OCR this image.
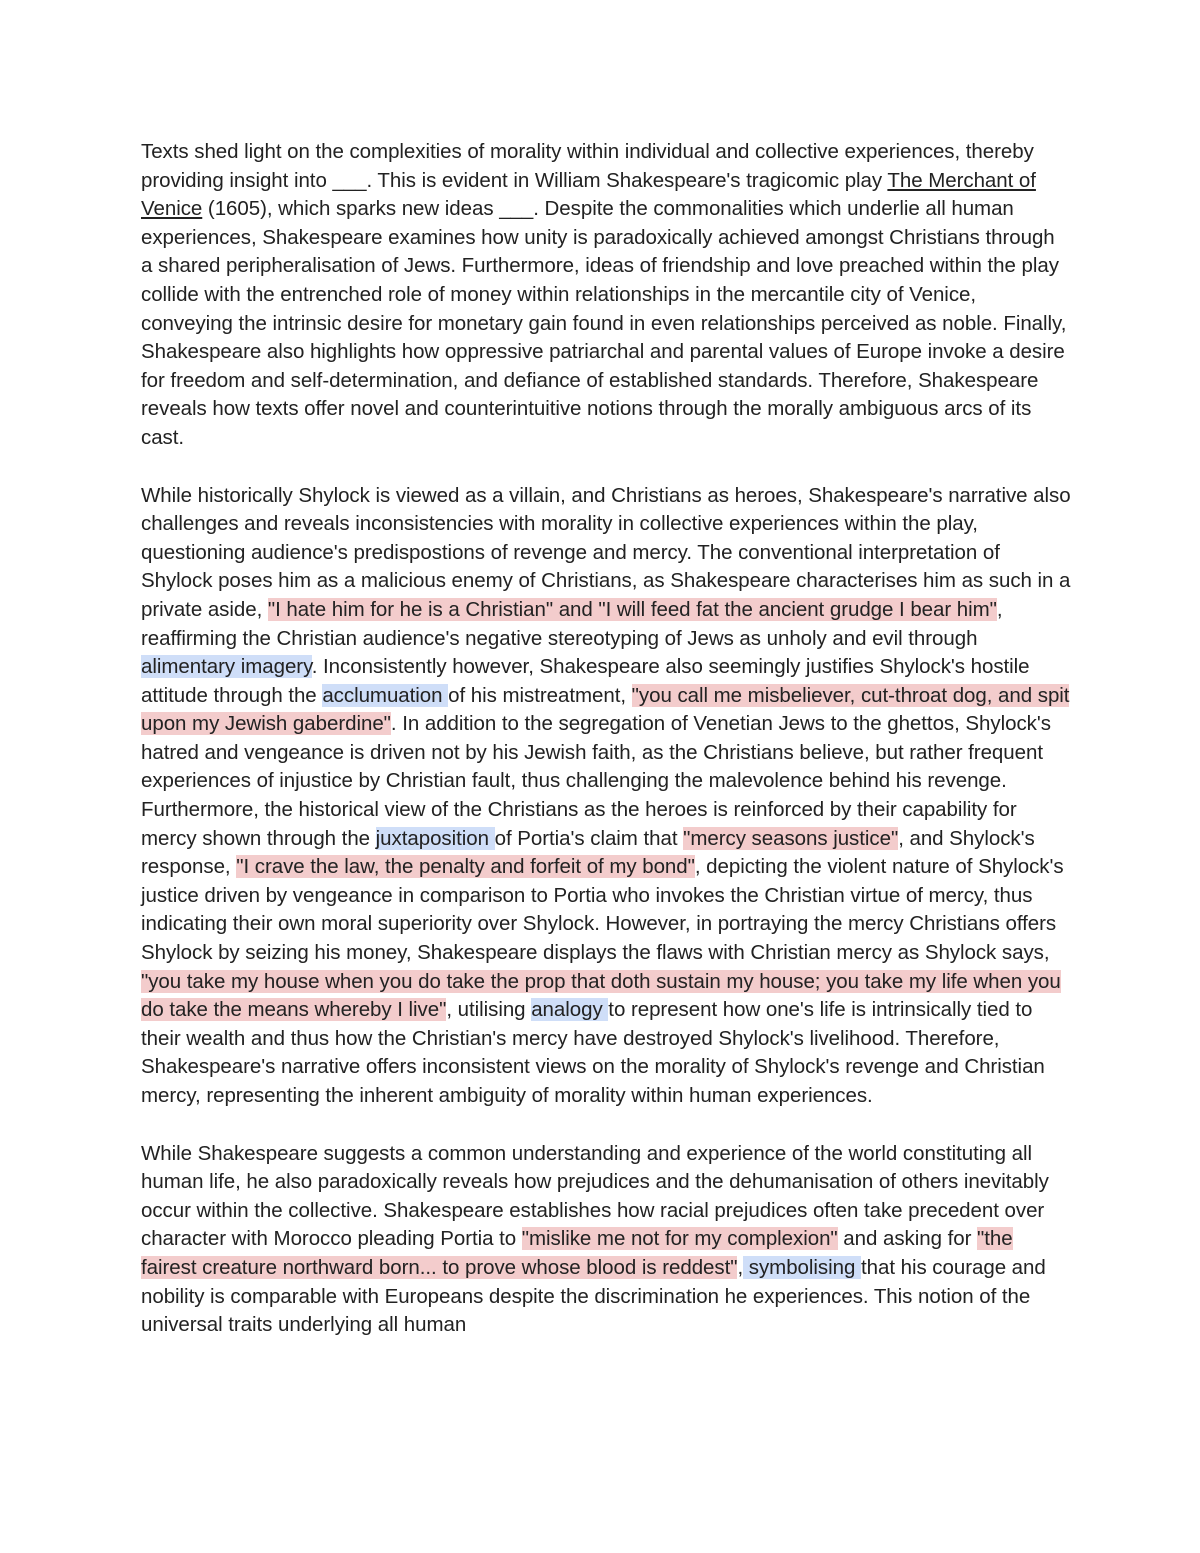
Texts shed light on the complexities of morality within individual and collective experiences, thereby providing insight into ___. This is evident in William Shakespeare's tragicomic play The Merchant of Venice (1605), which sparks new ideas ___. Despite the commonalities which underlie all human experiences, Shakespeare examines how unity is paradoxically achieved amongst Christians through a shared peripheralisation of Jews. Furthermore, ideas of friendship and love preached within the play collide with the entrenched role of money within relationships in the mercantile city of Venice, conveying the intrinsic desire for monetary gain found in even relationships perceived as noble. Finally, Shakespeare also highlights how oppressive patriarchal and parental values of Europe invoke a desire for freedom and self-determination, and defiance of established standards. Therefore, Shakespeare reveals how texts offer novel and counterintuitive notions through the morally ambiguous arcs of its cast.

While historically Shylock is viewed as a villain, and Christians as heroes, Shakespeare's narrative also challenges and reveals inconsistencies with morality in collective experiences within the play, questioning audience's predispostions of revenge and mercy. The conventional interpretation of Shylock poses him as a malicious enemy of Christians, as Shakespeare characterises him as such in a private aside, "I hate him for he is a Christian" and "I will feed fat the ancient grudge I bear him", reaffirming the Christian audience's negative stereotyping of Jews as unholy and evil through alimentary imagery. Inconsistently however, Shakespeare also seemingly justifies Shylock's hostile attitude through the acclumuation of his mistreatment, "you call me misbeliever, cut-throat dog, and spit upon my Jewish gaberdine". In addition to the segregation of Venetian Jews to the ghettos, Shylock's hatred and vengeance is driven not by his Jewish faith, as the Christians believe, but rather frequent experiences of injustice by Christian fault, thus challenging the malevolence behind his revenge. Furthermore, the historical view of the Christians as the heroes is reinforced by their capability for mercy shown through the juxtaposition of Portia's claim that "mercy seasons justice", and Shylock's response, "I crave the law, the penalty and forfeit of my bond", depicting the violent nature of Shylock's justice driven by vengeance in comparison to Portia who invokes the Christian virtue of mercy, thus indicating their own moral superiority over Shylock. However, in portraying the mercy Christians offers Shylock by seizing his money, Shakespeare displays the flaws with Christian mercy as Shylock says, "you take my house when you do take the prop that doth sustain my house; you take my life when you do take the means whereby I live", utilising analogy to represent how one's life is intrinsically tied to their wealth and thus how the Christian's mercy have destroyed Shylock's livelihood. Therefore, Shakespeare's narrative offers inconsistent views on the morality of Shylock's revenge and Christian mercy, representing the inherent ambiguity of morality within human experiences.

While Shakespeare suggests a common understanding and experience of the world constituting all human life, he also paradoxically reveals how prejudices and the dehumanisation of others inevitably occur within the collective. Shakespeare establishes how racial prejudices often take precedent over character with Morocco pleading Portia to "mislike me not for my complexion" and asking for "the fairest creature northward born... to prove whose blood is reddest", symbolising that his courage and nobility is comparable with Europeans despite the discrimination he experiences. This notion of the universal traits underlying all human
